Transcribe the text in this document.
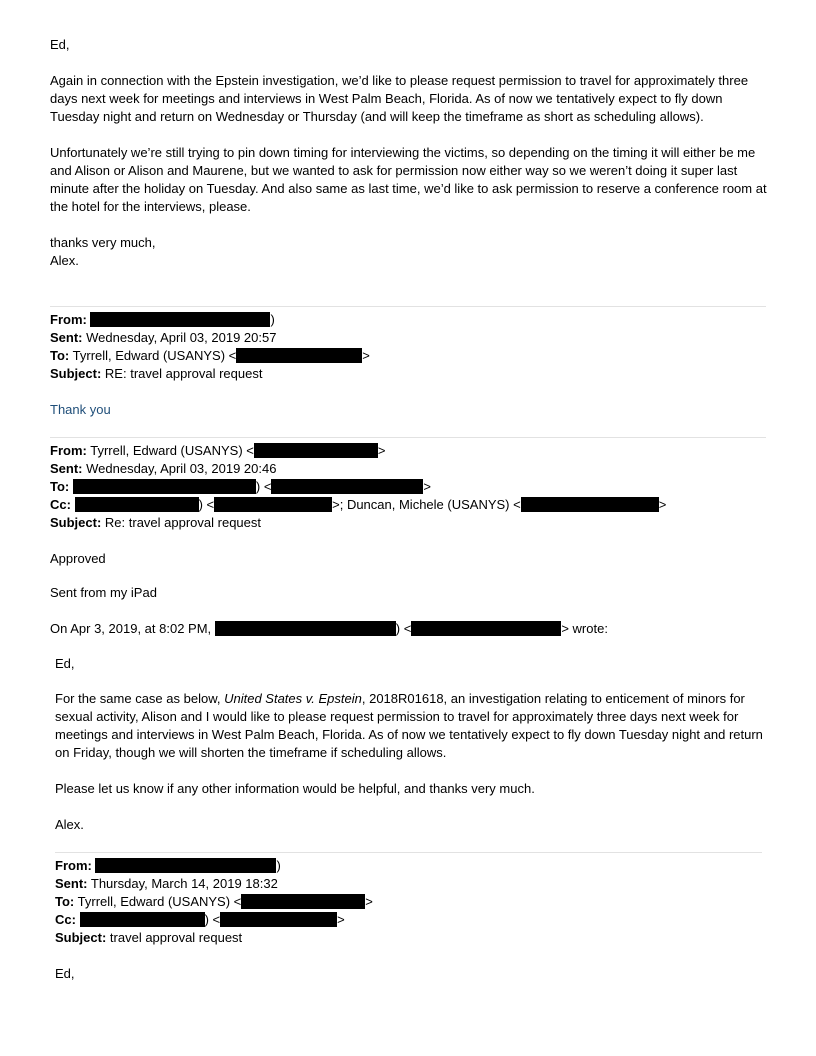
Ed,
Again in connection with the Epstein investigation, we’d like to please request permission to travel for approximately three days next week for meetings and interviews in West Palm Beach, Florida. As of now we tentatively expect to fly down Tuesday night and return on Wednesday or Thursday (and will keep the timeframe as short as scheduling allows).
Unfortunately we’re still trying to pin down timing for interviewing the victims, so depending on the timing it will either be me and Alison or Alison and Maurene, but we wanted to ask for permission now either way so we weren’t doing it super last minute after the holiday on Tuesday. And also same as last time, we’d like to ask permission to reserve a conference room at the hotel for the interviews, please.
thanks very much,
Alex.
From:	)
Sent: Wednesday, April 03, 2019 20:57
To: Tyrrell, Edward (USANYS) <	>
Subject: RE: travel approval request
Thank you
From: Tyrrell, Edward (USANYS) <	>
Sent: Wednesday, April 03, 2019 20:46
To:	) <	>
Cc:	) <	>; Duncan, Michele (USANYS) <	>
Subject: Re: travel approval request
Approved
Sent from my iPad
On Apr 3, 2019, at 8:02 PM,	) <	> wrote:
Ed,
For the same case as below, United States v. Epstein, 2018R01618, an investigation relating to enticement of minors for sexual activity, Alison and I would like to please request permission to travel for approximately three days next week for meetings and interviews in West Palm Beach, Florida. As of now we tentatively expect to fly down Tuesday night and return on Friday, though we will shorten the timeframe if scheduling allows.
Please let us know if any other information would be helpful, and thanks very much.
Alex.
From:	)
Sent: Thursday, March 14, 2019 18:32
To: Tyrrell, Edward (USANYS) <	>
Cc:	) <	>
Subject: travel approval request
Ed,
